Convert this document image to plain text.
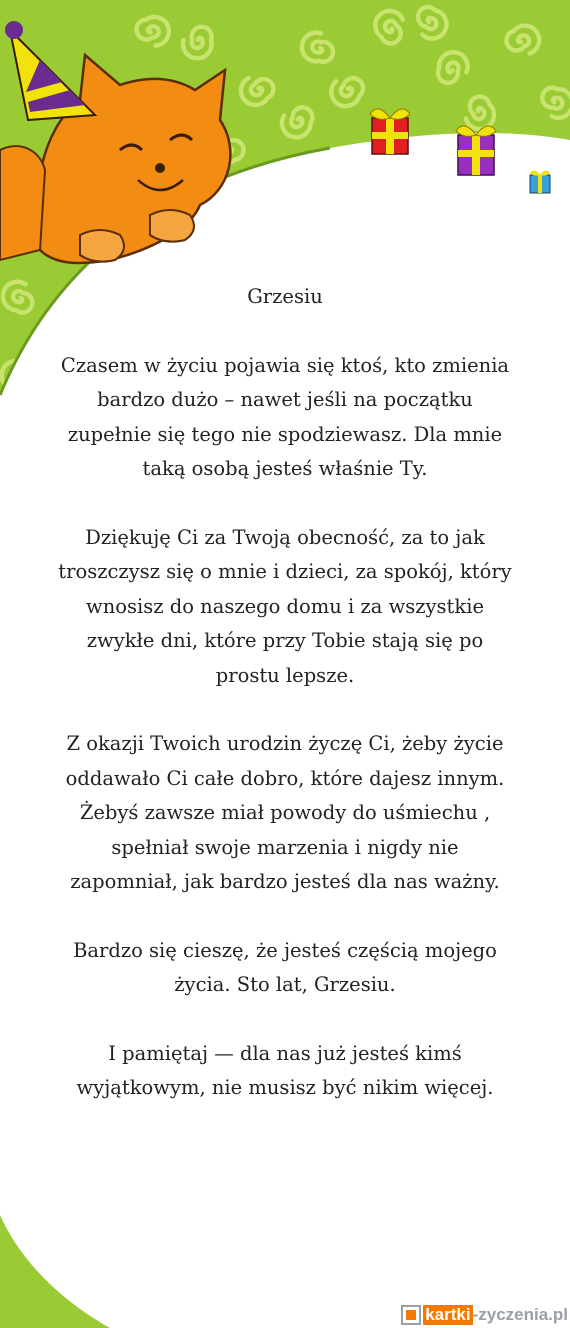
Grzesiu

Czasem w życiu pojawia się ktoś, kto zmienia bardzo dużo – nawet jeśli na początku zupełnie się tego nie spodziewasz. Dla mnie taką osobą jesteś właśnie Ty.

Dziękuję Ci za Twoją obecność, za to jak troszczysz się o mnie i dzieci, za spokój, który wnosisz do naszego domu i za wszystkie zwykłe dni, które przy Tobie stają się po prostu lepsze.

Z okazji Twoich urodzin życzę Ci, żeby życie oddawało Ci całe dobro, które dajesz innym. Żebyś zawsze miał powody do uśmiechu , spełniał swoje marzenia i nigdy nie zapomniał, jak bardzo jesteś dla nas ważny.

Bardzo się cieszę, że jesteś częścią mojego życia. Sto lat, Grzesiu.

I pamiętaj — dla nas już jesteś kimś wyjątkowym, nie musisz być nikim więcej.

kartki -zyczenia.pl
